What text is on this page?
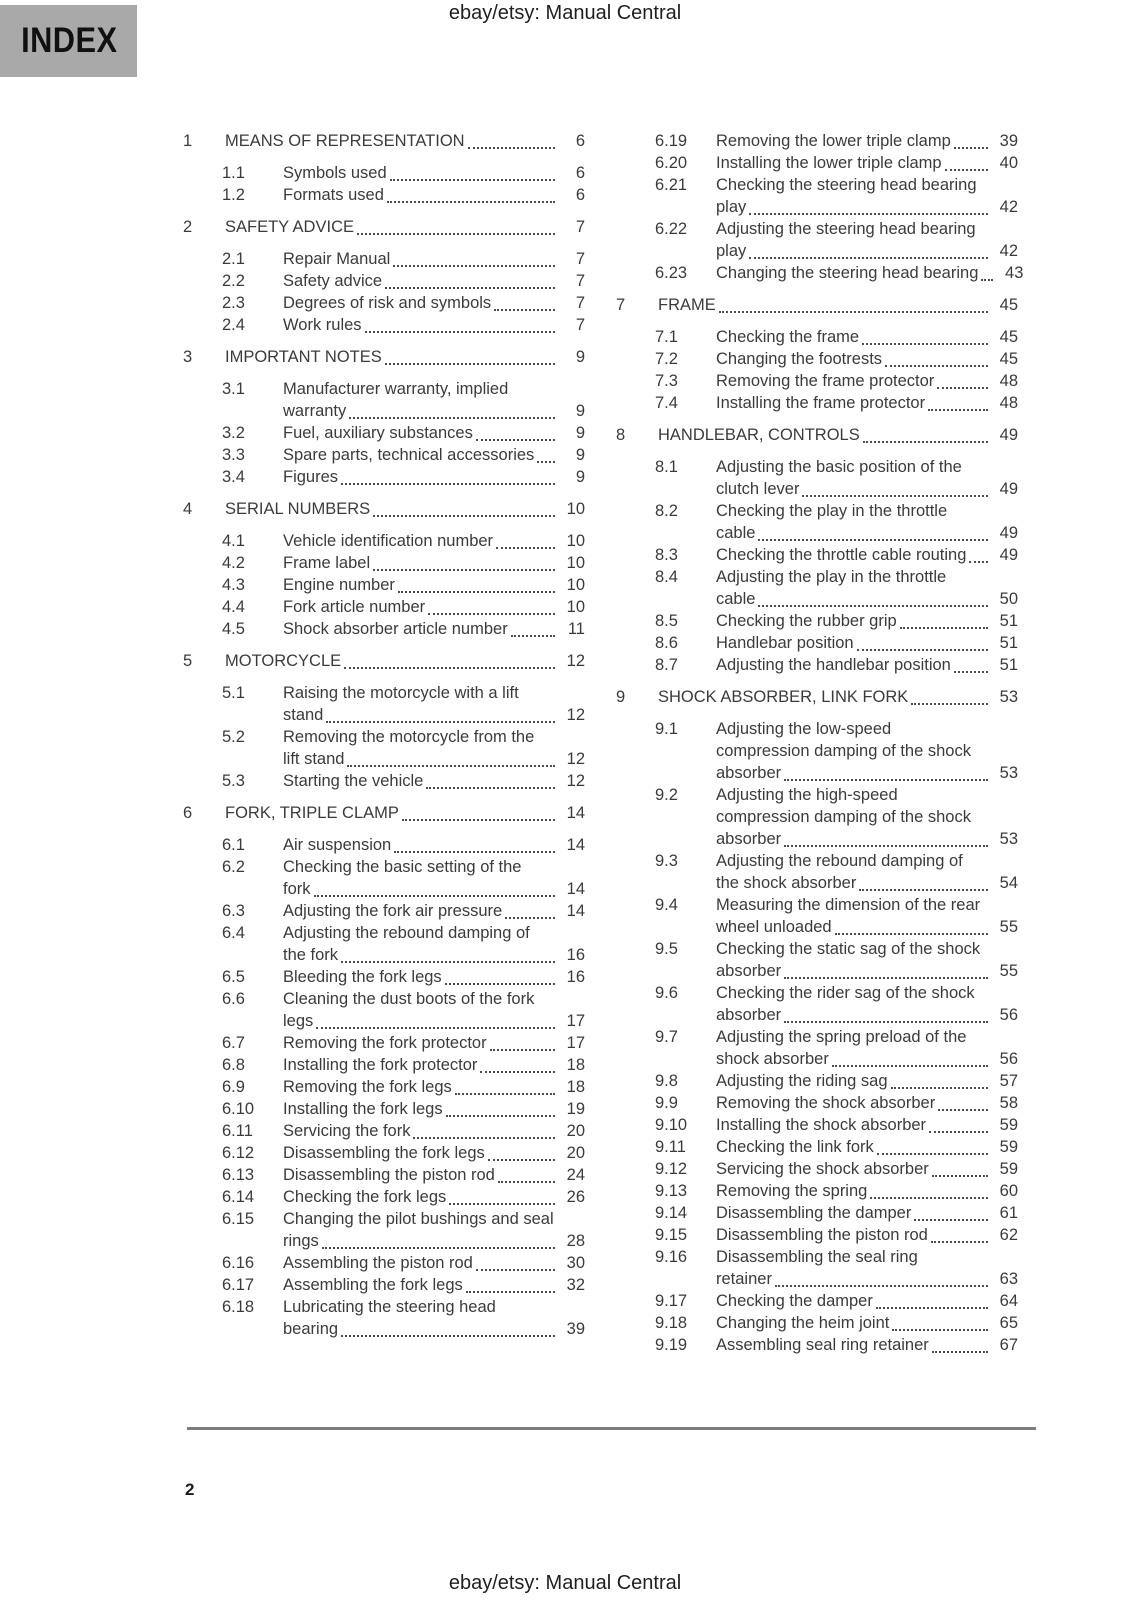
ebay/etsy: Manual Central
INDEX
1	MEANS OF REPRESENTATION	6
1.1	Symbols used	6
1.2	Formats used	6
2	SAFETY ADVICE	7
2.1	Repair Manual	7
2.2	Safety advice	7
2.3	Degrees of risk and symbols	7
2.4	Work rules	7
3	IMPORTANT NOTES	9
3.1	Manufacturer warranty, implied
warranty	9
3.2	Fuel, auxiliary substances	9
3.3	Spare parts, technical accessories	9
3.4	Figures	9
4	SERIAL NUMBERS	10
4.1	Vehicle identification number	10
4.2	Frame label	10
4.3	Engine number	10
4.4	Fork article number	10
4.5	Shock absorber article number	11
5	MOTORCYCLE	12
5.1	Raising the motorcycle with a lift
stand	12
5.2	Removing the motorcycle from the
lift stand	12
5.3	Starting the vehicle	12
6	FORK, TRIPLE CLAMP	14
6.1	Air suspension	14
6.2	Checking the basic setting of the
fork	14
6.3	Adjusting the fork air pressure	14
6.4	Adjusting the rebound damping of
the fork	16
6.5	Bleeding the fork legs	16
6.6	Cleaning the dust boots of the fork
legs	17
6.7	Removing the fork protector	17
6.8	Installing the fork protector	18
6.9	Removing the fork legs	18
6.10	Installing the fork legs	19
6.11	Servicing the fork	20
6.12	Disassembling the fork legs	20
6.13	Disassembling the piston rod	24
6.14	Checking the fork legs	26
6.15	Changing the pilot bushings and seal
rings	28
6.16	Assembling the piston rod	30
6.17	Assembling the fork legs	32
6.18	Lubricating the steering head
bearing	39
6.19	Removing the lower triple clamp	39
6.20	Installing the lower triple clamp	40
6.21	Checking the steering head bearing
play	42
6.22	Adjusting the steering head bearing
play	42
6.23	Changing the steering head bearing	43
7	FRAME	45
7.1	Checking the frame	45
7.2	Changing the footrests	45
7.3	Removing the frame protector	48
7.4	Installing the frame protector	48
8	HANDLEBAR, CONTROLS	49
8.1	Adjusting the basic position of the
clutch lever	49
8.2	Checking the play in the throttle
cable	49
8.3	Checking the throttle cable routing	49
8.4	Adjusting the play in the throttle
cable	50
8.5	Checking the rubber grip	51
8.6	Handlebar position	51
8.7	Adjusting the handlebar position	51
9	SHOCK ABSORBER, LINK FORK	53
9.1	Adjusting the low-speed
compression damping of the shock
absorber	53
9.2	Adjusting the high-speed
compression damping of the shock
absorber	53
9.3	Adjusting the rebound damping of
the shock absorber	54
9.4	Measuring the dimension of the rear
wheel unloaded	55
9.5	Checking the static sag of the shock
absorber	55
9.6	Checking the rider sag of the shock
absorber	56
9.7	Adjusting the spring preload of the
shock absorber	56
9.8	Adjusting the riding sag	57
9.9	Removing the shock absorber	58
9.10	Installing the shock absorber	59
9.11	Checking the link fork	59
9.12	Servicing the shock absorber	59
9.13	Removing the spring	60
9.14	Disassembling the damper	61
9.15	Disassembling the piston rod	62
9.16	Disassembling the seal ring
retainer	63
9.17	Checking the damper	64
9.18	Changing the heim joint	65
9.19	Assembling seal ring retainer	67
2
ebay/etsy: Manual Central
